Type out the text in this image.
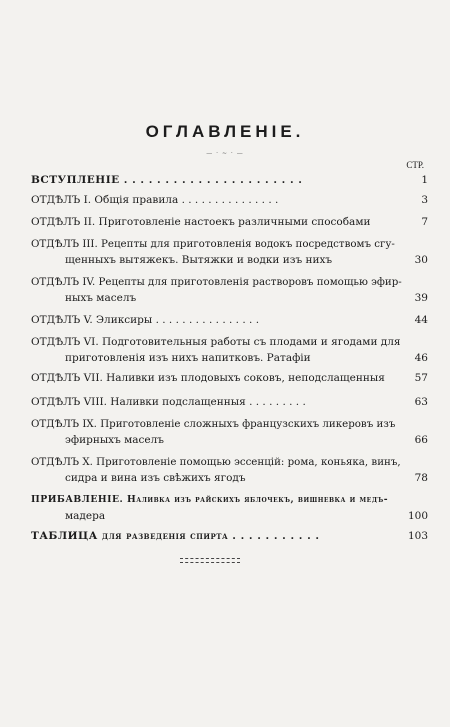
ОГЛАВЛЕНІЕ.
— · ~ · —
СТР.
ВСТУПЛЕНІЕ . . . . . . . . . . . . . . . . . . . . . .	1
ОТДѢЛЪ I. Общія правила . . . . . . . . . . . . . . .	3
ОТДѢЛЪ II. Приготовленіе настоекъ различными способами	7
ОТДѢЛЪ III. Рецепты для приготовленія водокъ посредствомъ сгу-
щенныхъ вытяжекъ. Вытяжки и водки изъ нихъ	30
ОТДѢЛЪ IV. Рецепты для приготовленія растворовъ помощью эфир-
ныхъ маселъ	39
ОТДѢЛЪ V. Эликсиры . . . . . . . . . . . . . . . .	44
ОТДѢЛЪ VI. Подготовительныя работы съ плодами и ягодами для
приготовленія изъ нихъ напитковъ. Ратафіи	46
ОТДѢЛЪ VII. Наливки изъ плодовыхъ соковъ, неподслащенныя	57
ОТДѢЛЪ VIII. Наливки подслащенныя . . . . . . . . .	63
ОТДѢЛЪ IX. Приготовленіе сложныхъ французскихъ ликеровъ изъ
эфирныхъ маселъ	66
ОТДѢЛЪ X. Приготовленіе помощью эссенцій: рома, коньяка, винъ,
сидра и вина изъ свѣжихъ ягодъ	78
ПРИБАВЛЕНІЕ. Наливка изъ райскихъ яблочекъ, вишневка и медъ-
мадера	100
ТАБЛИЦА для разведенія спирта . . . . . . . . . . .	103
